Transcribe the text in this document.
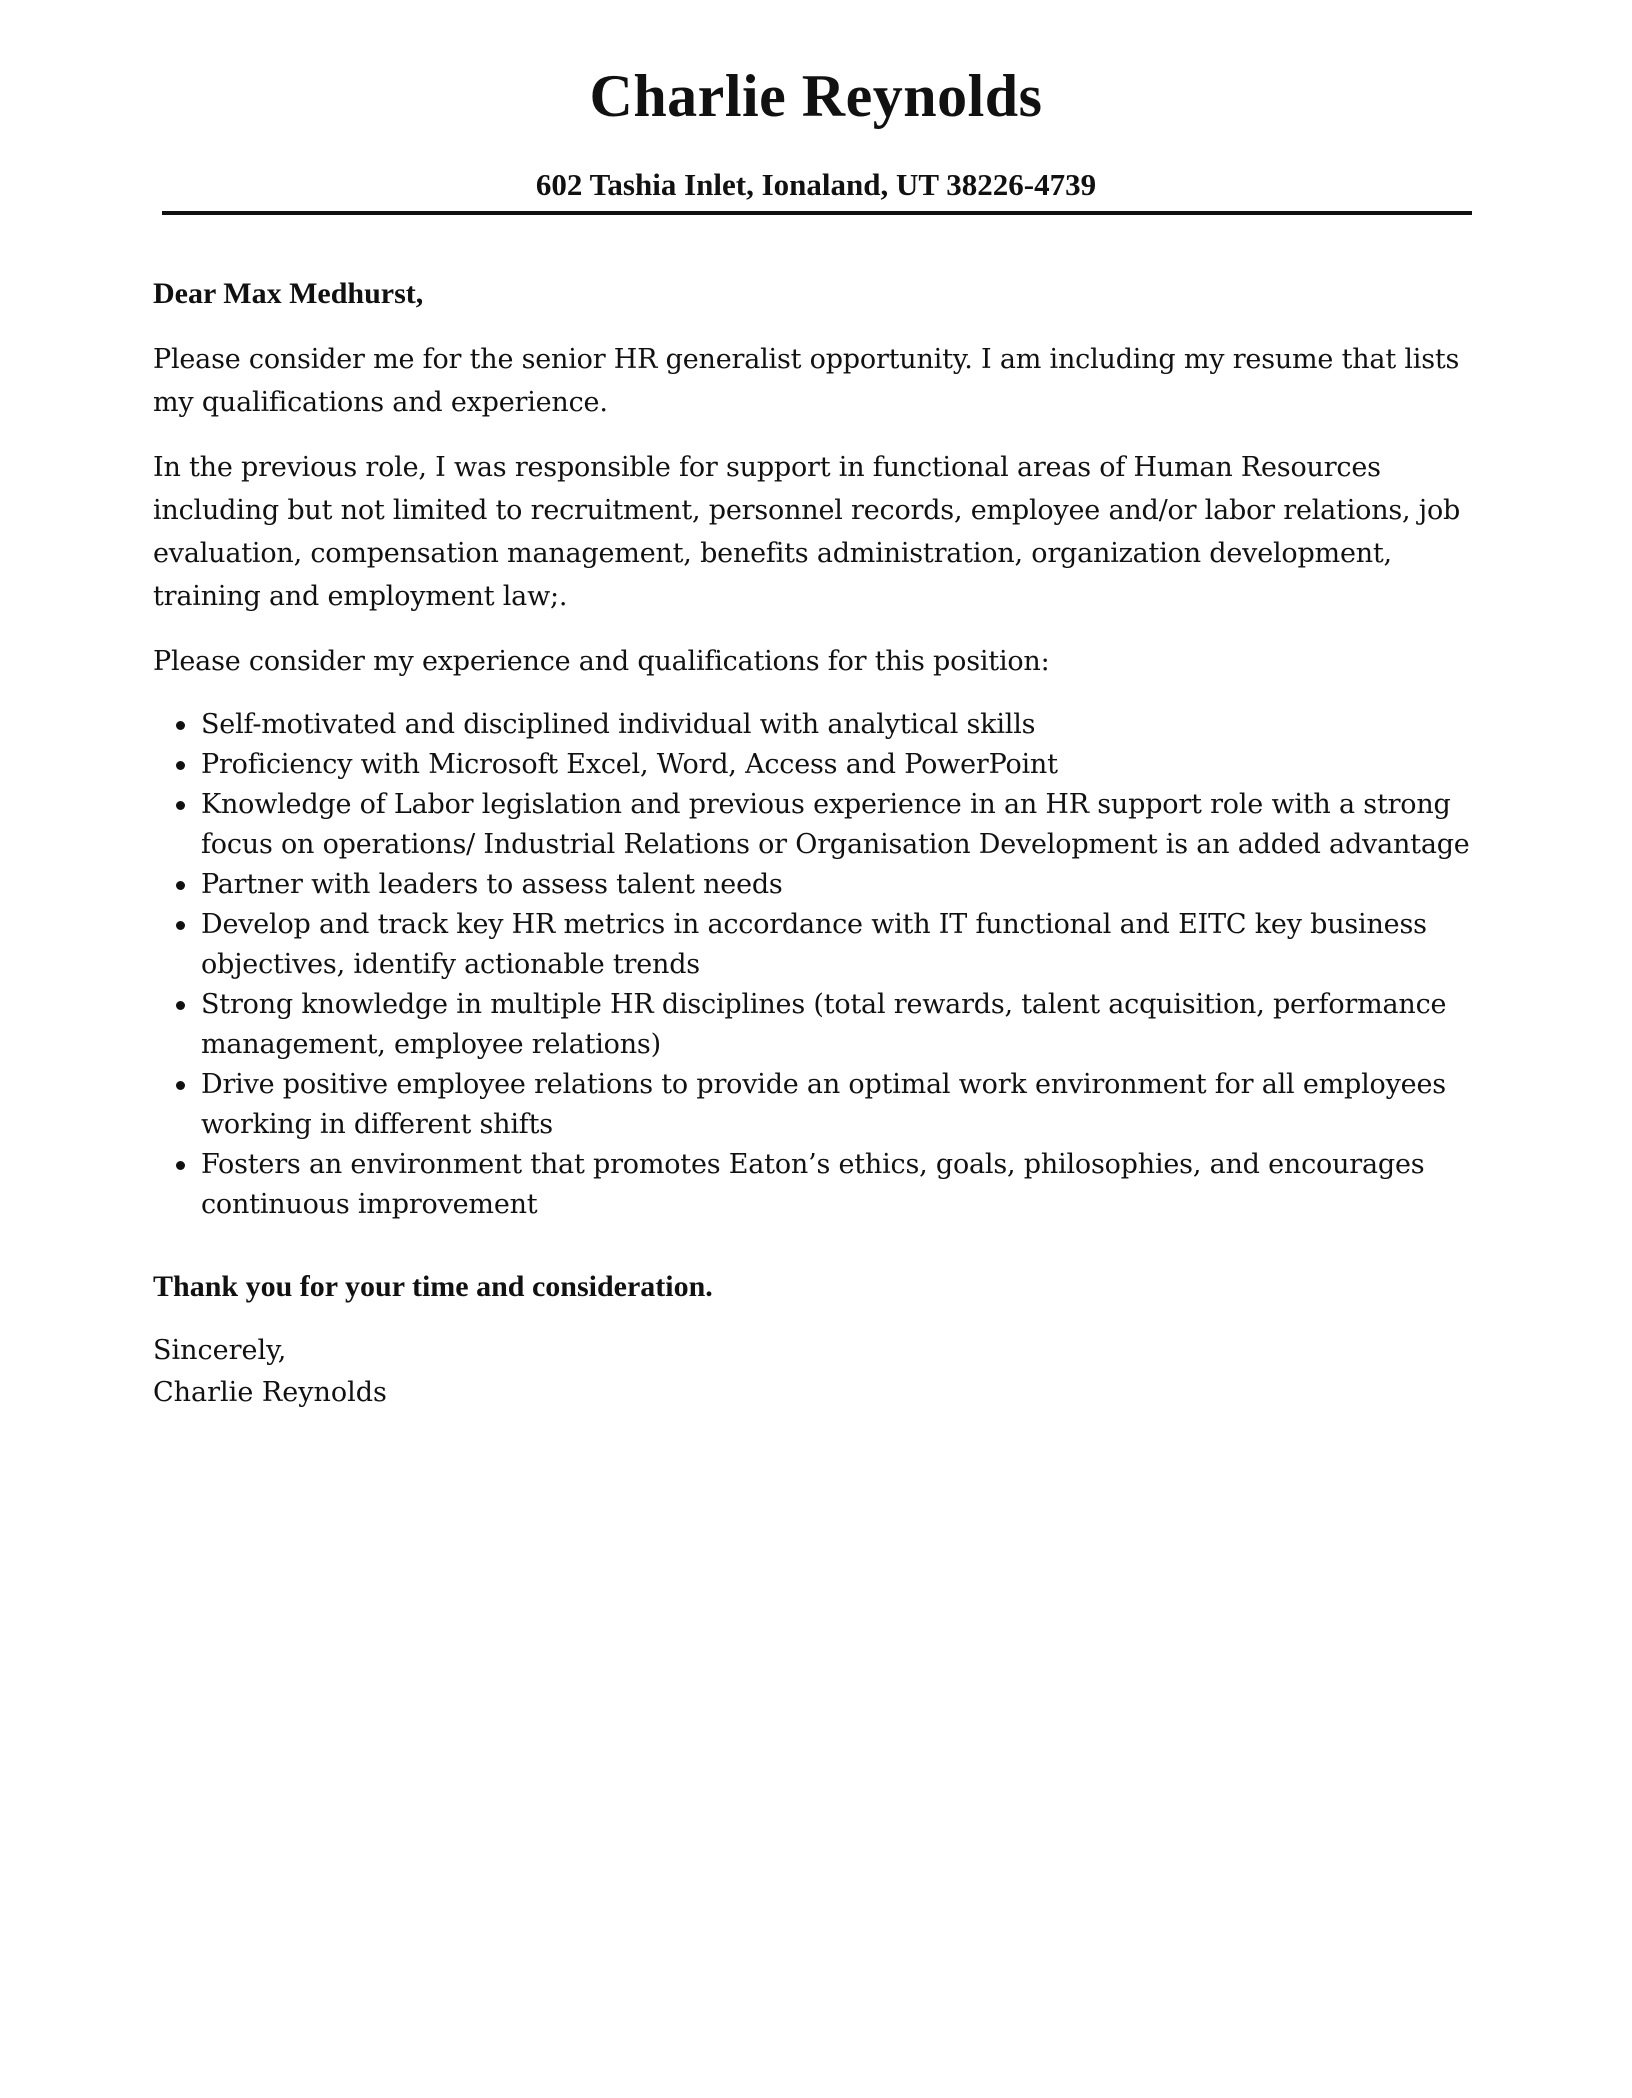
Charlie Reynolds

602 Tashia Inlet, Ionaland, UT 38226-4739

Dear Max Medhurst,

Please consider me for the senior HR generalist opportunity. I am including my resume that lists my qualifications and experience.

In the previous role, I was responsible for support in functional areas of Human Resources including but not limited to recruitment, personnel records, employee and/or labor relations, job evaluation, compensation management, benefits administration, organization development, training and employment law;.

Please consider my experience and qualifications for this position:

Self-motivated and disciplined individual with analytical skills
Proficiency with Microsoft Excel, Word, Access and PowerPoint
Knowledge of Labor legislation and previous experience in an HR support role with a strong focus on operations/ Industrial Relations or Organisation Development is an added advantage
Partner with leaders to assess talent needs
Develop and track key HR metrics in accordance with IT functional and EITC key business objectives, identify actionable trends
Strong knowledge in multiple HR disciplines (total rewards, talent acquisition, performance management, employee relations)
Drive positive employee relations to provide an optimal work environment for all employees working in different shifts
Fosters an environment that promotes Eaton’s ethics, goals, philosophies, and encourages continuous improvement

Thank you for your time and consideration.

Sincerely,

Charlie Reynolds
